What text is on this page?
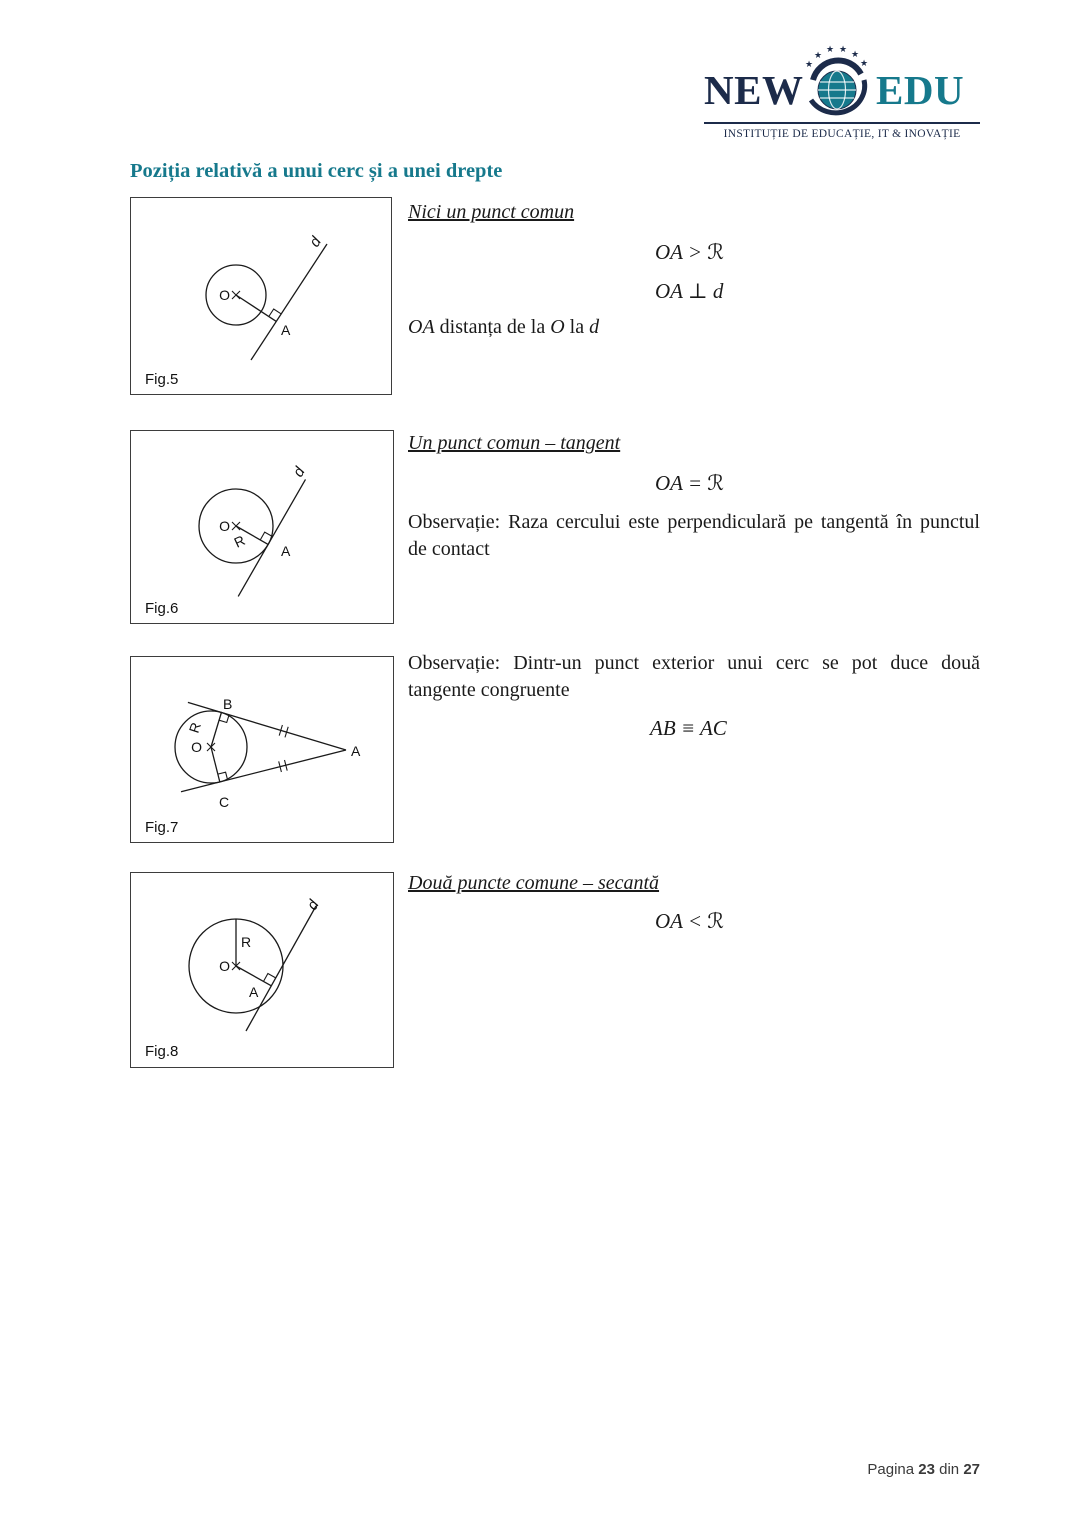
NEW
★
★
★ ★ ★
★
EDU
INSTITUȚIE DE EDUCAȚIE, IT & INOVAȚIE
Poziția relativă a unui cerc și a unei drepte
O
A
d
Fig.5
O
R
A
d
Fig.6
O
R
B
C
A
Fig.7
O
R
A
d
Fig.8
Nici un punct comun
OA > ℛ
OA ⊥ d
OA distanța de la O la d
Un punct comun – tangent
OA = ℛ
Observație: Raza cercului este perpendiculară pe tangentă în punctul de contact
Observație: Dintr-un punct exterior unui cerc se pot duce două tangente congruente
AB ≡ AC
Două puncte comune – secantă
OA < ℛ
Pagina 23 din 27
